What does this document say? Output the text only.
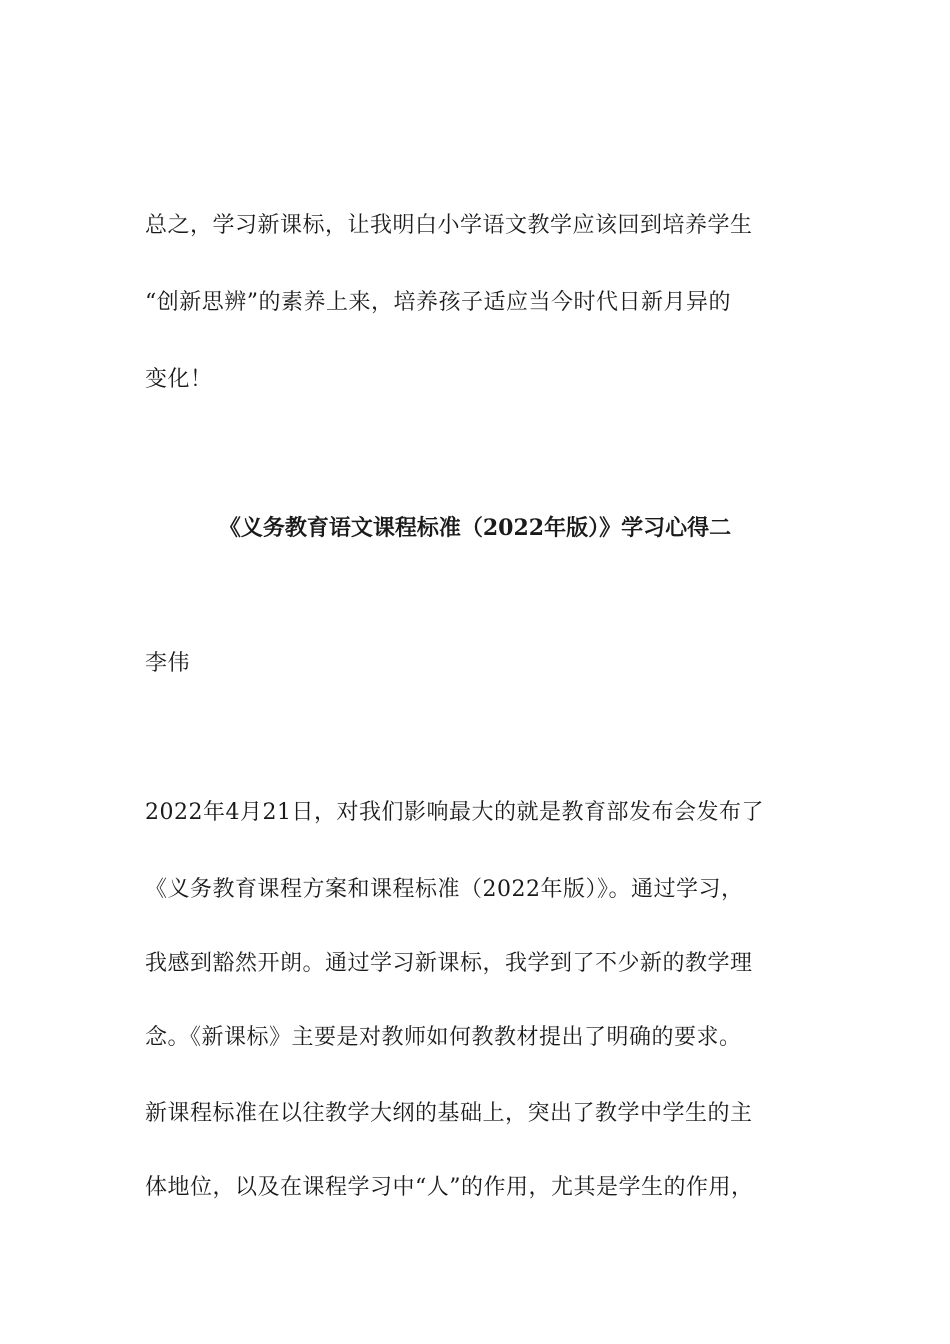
总之，学习新课标，让我明白小学语文教学应该回到培养学生
“创新思辨”的素养上来，培养孩子适应当今时代日新月异的
变化！
《义务教育语文课程标准（2022年版）》学习心得二
李伟
2022年4月21日，对我们影响最大的就是教育部发布会发布了
《义务教育课程方案和课程标准（2022年版）》。通过学习，
我感到豁然开朗。通过学习新课标，我学到了不少新的教学理
念。《新课标》主要是对教师如何教教材提出了明确的要求。
新课程标准在以往教学大纲的基础上，突出了教学中学生的主
体地位，以及在课程学习中“人”的作用，尤其是学生的作用，
